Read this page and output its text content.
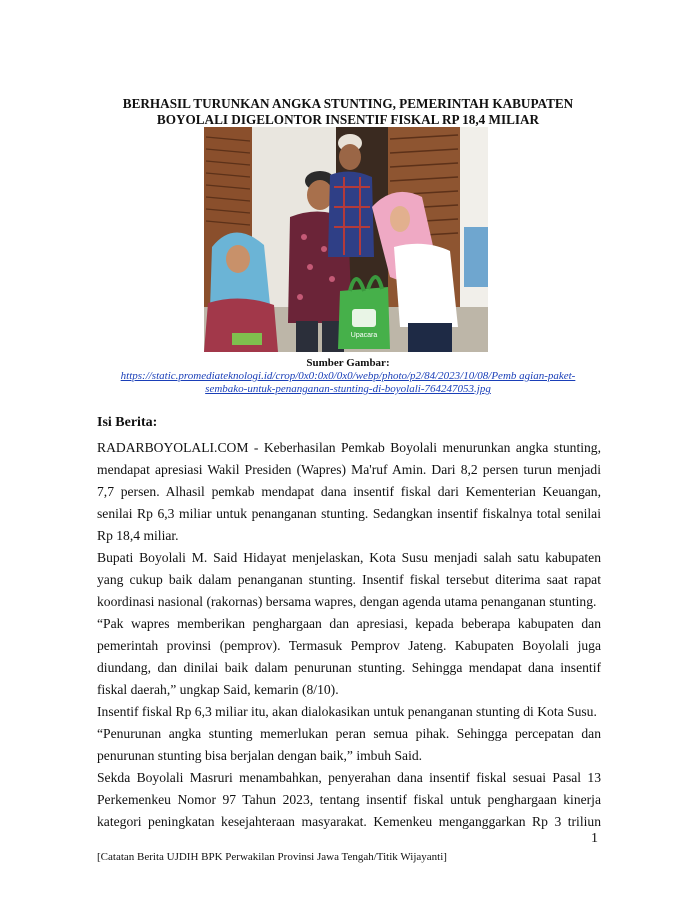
BERHASIL TURUNKAN ANGKA STUNTING, PEMERINTAH KABUPATEN
BOYOLALI DIGELONTOR INSENTIF FISKAL RP 18,4 MILIAR
Upacara
Sumber Gambar:
https://static.promediateknologi.id/crop/0x0:0x0/0x0/webp/photo/p2/84/2023/10/08/Pemb agian-paket-
sembako-untuk-penanganan-stunting-di-boyolali-764247053.jpg
Isi Berita:
RADARBOYOLALI.COM - Keberhasilan Pemkab Boyolali menurunkan angka stunting,
mendapat apresiasi Wakil Presiden (Wapres) Ma'ruf Amin. Dari 8,2 persen turun menjadi
7,7 persen. Alhasil pemkab mendapat dana insentif fiskal dari Kementerian Keuangan,
senilai Rp 6,3 miliar untuk penanganan stunting. Sedangkan insentif fiskalnya total senilai
Rp 18,4 miliar.
Bupati Boyolali M. Said Hidayat menjelaskan, Kota Susu menjadi salah satu kabupaten
yang cukup baik dalam penanganan stunting. Insentif fiskal tersebut diterima saat rapat
koordinasi nasional (rakornas) bersama wapres, dengan agenda utama penanganan stunting.
“Pak wapres memberikan penghargaan dan apresiasi, kepada beberapa kabupaten dan
pemerintah provinsi (pemprov). Termasuk Pemprov Jateng. Kabupaten Boyolali juga
diundang, dan dinilai baik dalam penurunan stunting. Sehingga mendapat dana insentif
fiskal daerah,” ungkap Said, kemarin (8/10).
Insentif fiskal Rp 6,3 miliar itu, akan dialokasikan untuk penanganan stunting di Kota Susu.
“Penurunan angka stunting memerlukan peran semua pihak. Sehingga percepatan dan
penurunan stunting bisa berjalan dengan baik,” imbuh Said.
Sekda Boyolali Masruri menambahkan, penyerahan dana insentif fiskal sesuai Pasal 13
Perkemenkeu Nomor 97 Tahun 2023, tentang insentif fiskal untuk penghargaan kinerja
kategori peningkatan kesejahteraan masyarakat. Kemenkeu menganggarkan Rp 3 triliun
1
[Catatan Berita UJDIH BPK Perwakilan Provinsi Jawa Tengah/Titik Wijayanti]
